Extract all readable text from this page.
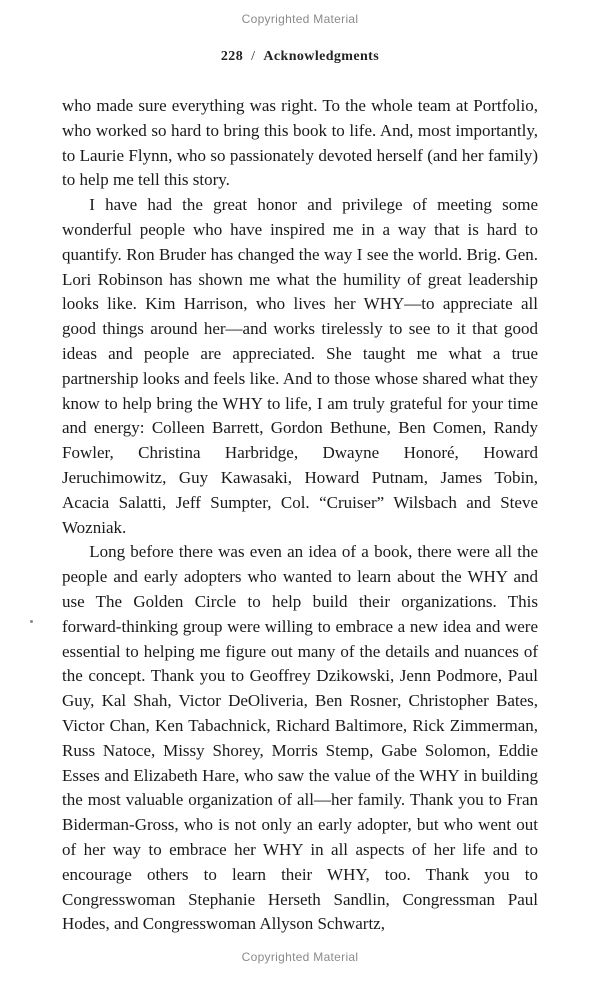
Copyrighted Material
228 / Acknowledgments

who made sure everything was right. To the whole team at Portfolio, who worked so hard to bring this book to life. And, most importantly, to Laurie Flynn, who so passionately devoted herself (and her family) to help me tell this story.

I have had the great honor and privilege of meeting some wonderful people who have inspired me in a way that is hard to quantify. Ron Bruder has changed the way I see the world. Brig. Gen. Lori Robinson has shown me what the humility of great leadership looks like. Kim Harrison, who lives her WHY—to appreciate all good things around her—and works tirelessly to see to it that good ideas and people are appreciated. She taught me what a true partnership looks and feels like. And to those whose shared what they know to help bring the WHY to life, I am truly grateful for your time and energy: Colleen Barrett, Gordon Bethune, Ben Comen, Randy Fowler, Christina Harbridge, Dwayne Honoré, Howard Jeruchimowitz, Guy Kawasaki, Howard Putnam, James Tobin, Acacia Salatti, Jeff Sumpter, Col. “Cruiser” Wilsbach and Steve Wozniak.

Long before there was even an idea of a book, there were all the people and early adopters who wanted to learn about the WHY and use The Golden Circle to help build their organizations. This forward-thinking group were willing to embrace a new idea and were essential to helping me figure out many of the details and nuances of the concept. Thank you to Geoffrey Dzikowski, Jenn Podmore, Paul Guy, Kal Shah, Victor DeOliveria, Ben Rosner, Christopher Bates, Victor Chan, Ken Tabachnick, Richard Baltimore, Rick Zimmerman, Russ Natoce, Missy Shorey, Morris Stemp, Gabe Solomon, Eddie Esses and Elizabeth Hare, who saw the value of the WHY in building the most valuable organization of all—her family. Thank you to Fran Biderman-Gross, who is not only an early adopter, but who went out of her way to embrace her WHY in all aspects of her life and to encourage others to learn their WHY, too. Thank you to Congresswoman Stephanie Herseth Sandlin, Congressman Paul Hodes, and Congresswoman Allyson Schwartz,

Copyrighted Material
